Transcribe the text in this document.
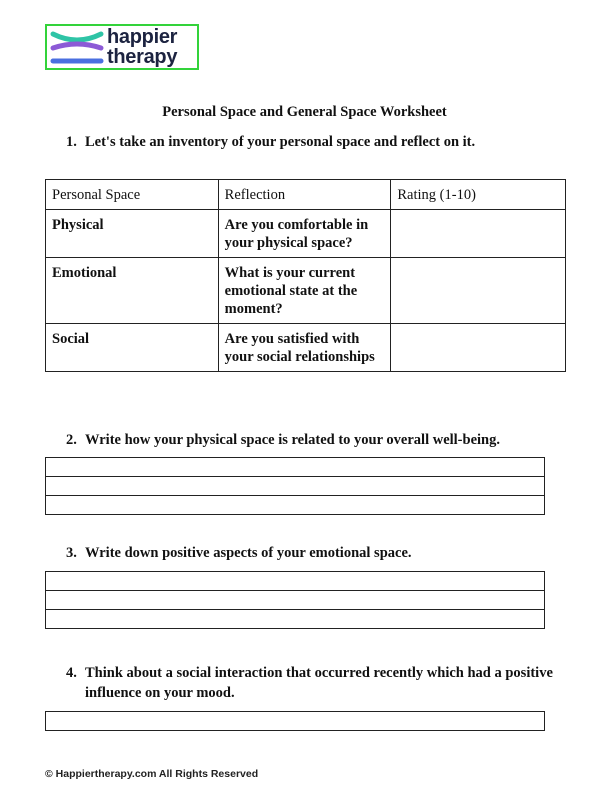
happier
therapy
Personal Space and General Space Worksheet
1. Let's take an inventory of your personal space and reflect on it.
Personal Space	Reflection	Rating (1-10)
Physical	Are you comfortable in your physical space?	
Emotional	What is your current emotional state at the moment?	
Social	Are you satisfied with your social relationships	
2. Write how your physical space is related to your overall well-being.
3. Write down positive aspects of your emotional space.
4. Think about a social interaction that occurred recently which had a positive influence on your mood.
© Happiertherapy.com All Rights Reserved
